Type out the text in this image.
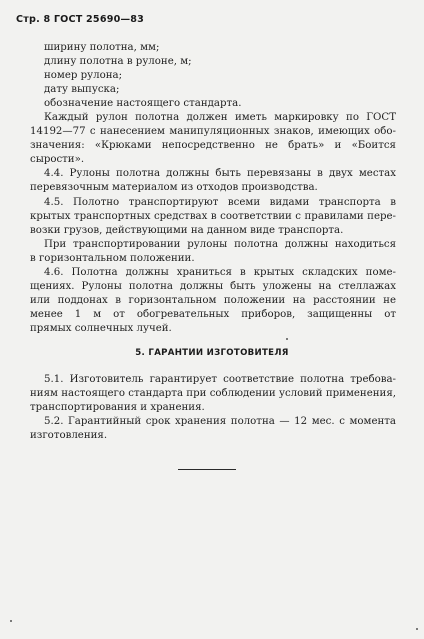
Стр. 8 ГОСТ 25690—83
ширину полотна, мм;
длину полотна в рулоне, м;
номер рулона;
дату выпуска;
обозначение настоящего стандарта.
Каждый рулон полотна должен иметь маркировку по ГОСТ
14192—77 с нанесением манипуляционных знаков, имеющих обо-
значения: «Крюками непосредственно не брать» и «Боится
сырости».
4.4. Рулоны полотна должны быть перевязаны в двух местах
перевязочным материалом из отходов производства.
4.5. Полотно транспортируют всеми видами транспорта в
крытых транспортных средствах в соответствии с правилами пере-
возки грузов, действующими на данном виде транспорта.
При транспортировании рулоны полотна должны находиться
в горизонтальном положении.
4.6. Полотна должны храниться в крытых складских поме-
щениях. Рулоны полотна должны быть уложены на стеллажах
или поддонах в горизонтальном положении на расстоянии не
менее 1 м от обогревательных приборов, защищенны от
прямых солнечных лучей.
5. ГАРАНТИИ ИЗГОТОВИТЕЛЯ
5.1. Изготовитель гарантирует соответствие полотна требова-
ниям настоящего стандарта при соблюдении условий применения,
транспортирования и хранения.
5.2. Гарантийный срок хранения полотна — 12 мес. с момента
изготовления.
